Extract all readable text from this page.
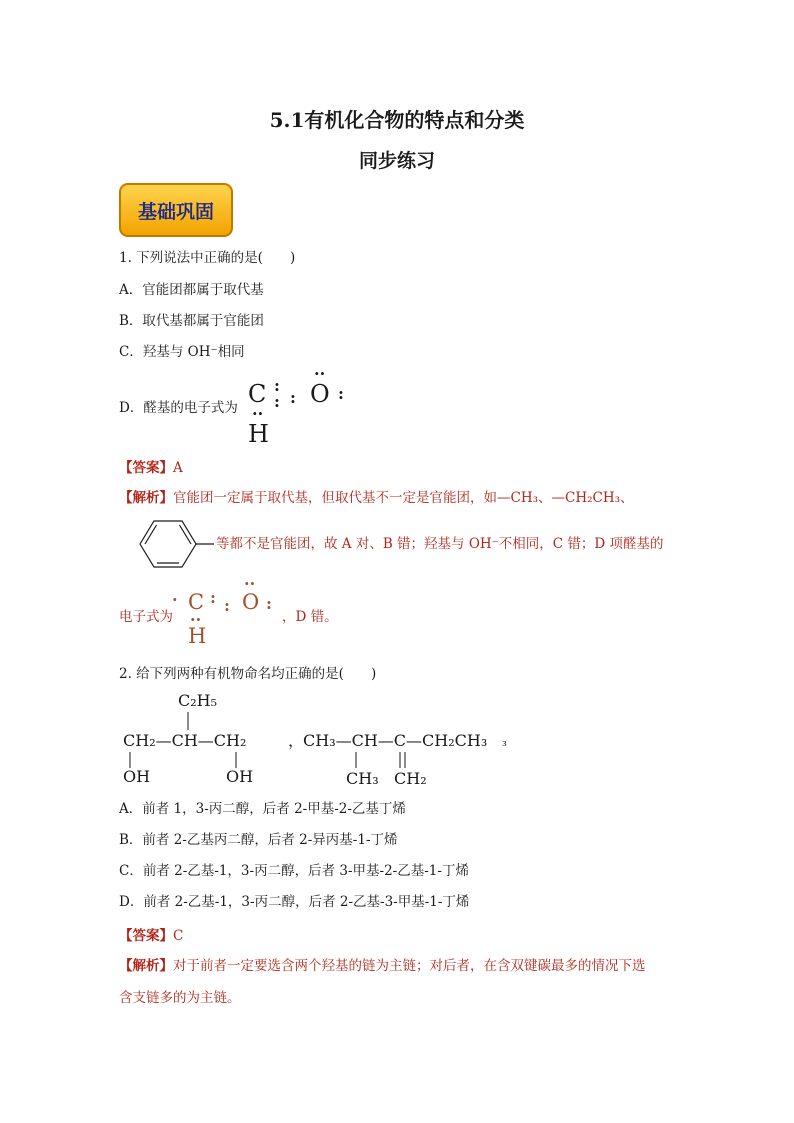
5.1有机化合物的特点和分类
同步练习
基础巩固
1. 下列说法中正确的是(　　)
A．官能团都属于取代基
B．取代基都属于官能团
C．羟基与 OH⁻相同
D．醛基的电子式为 C :
:
: O
··
:
··
H
【答案】A
【解析】官能团一定属于取代基，但取代基不一定是官能团，如—CH₃、—CH₂CH₃、
等都不是官能团，故 A 对、B 错；羟基与 OH⁻不相同，C 错；D 项醛基的
电子式为
· C : : O
··
:
··
H
，D 错。
2. 给下列两种有机物命名均正确的是(　　)
C₂H₅
CH₂—CH—CH₂
OH	OH
，
CH₃—CH—C—CH₂CH₃ ₃
CH₃ CH₂
A．前者 1，3-丙二醇，后者 2-甲基-2-乙基丁烯
B．前者 2-乙基丙二醇，后者 2-异丙基-1-丁烯
C．前者 2-乙基-1，3-丙二醇，后者 3-甲基-2-乙基-1-丁烯
D．前者 2-乙基-1，3-丙二醇，后者 2-乙基-3-甲基-1-丁烯
【答案】C
【解析】对于前者一定要选含两个羟基的链为主链；对后者，在含双键碳最多的情况下选
含支链多的为主链。
